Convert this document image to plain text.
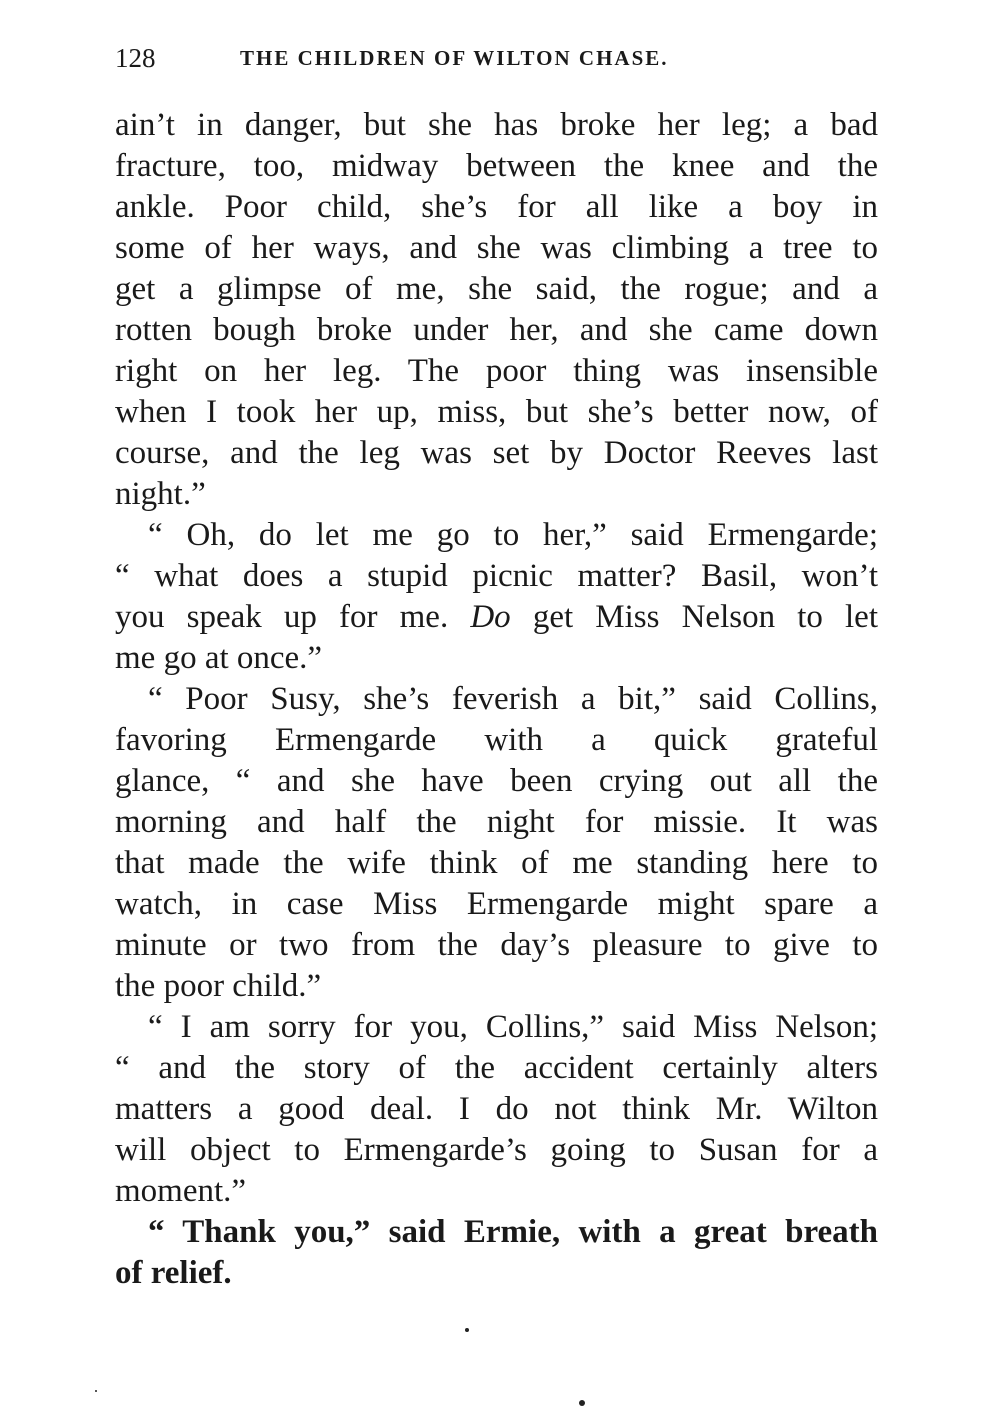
128	THE CHILDREN OF WILTON CHASE.
ain’t in danger, but she has broke her leg; a bad
fracture, too, midway between the knee and the
ankle. Poor child, she’s for all like a boy in
some of her ways, and she was climbing a tree to
get a glimpse of me, she said, the rogue; and a
rotten bough broke under her, and she came down
right on her leg. The poor thing was insensible
when I took her up, miss, but she’s better now, of
course, and the leg was set by Doctor Reeves last
night.”
“ Oh, do let me go to her,” said Ermengarde;
“ what does a stupid picnic matter? Basil, won’t
you speak up for me. Do get Miss Nelson to let
me go at once.”
“ Poor Susy, she’s feverish a bit,” said Collins,
favoring Ermengarde with a quick grateful
glance, “ and she have been crying out all the
morning and half the night for missie. It was
that made the wife think of me standing here to
watch, in case Miss Ermengarde might spare a
minute or two from the day’s pleasure to give to
the poor child.”
“ I am sorry for you, Collins,” said Miss Nelson;
“ and the story of the accident certainly alters
matters a good deal. I do not think Mr. Wilton
will object to Ermengarde’s going to Susan for a
moment.”
“ Thank you,” said Ermie, with a great breath
of relief.
